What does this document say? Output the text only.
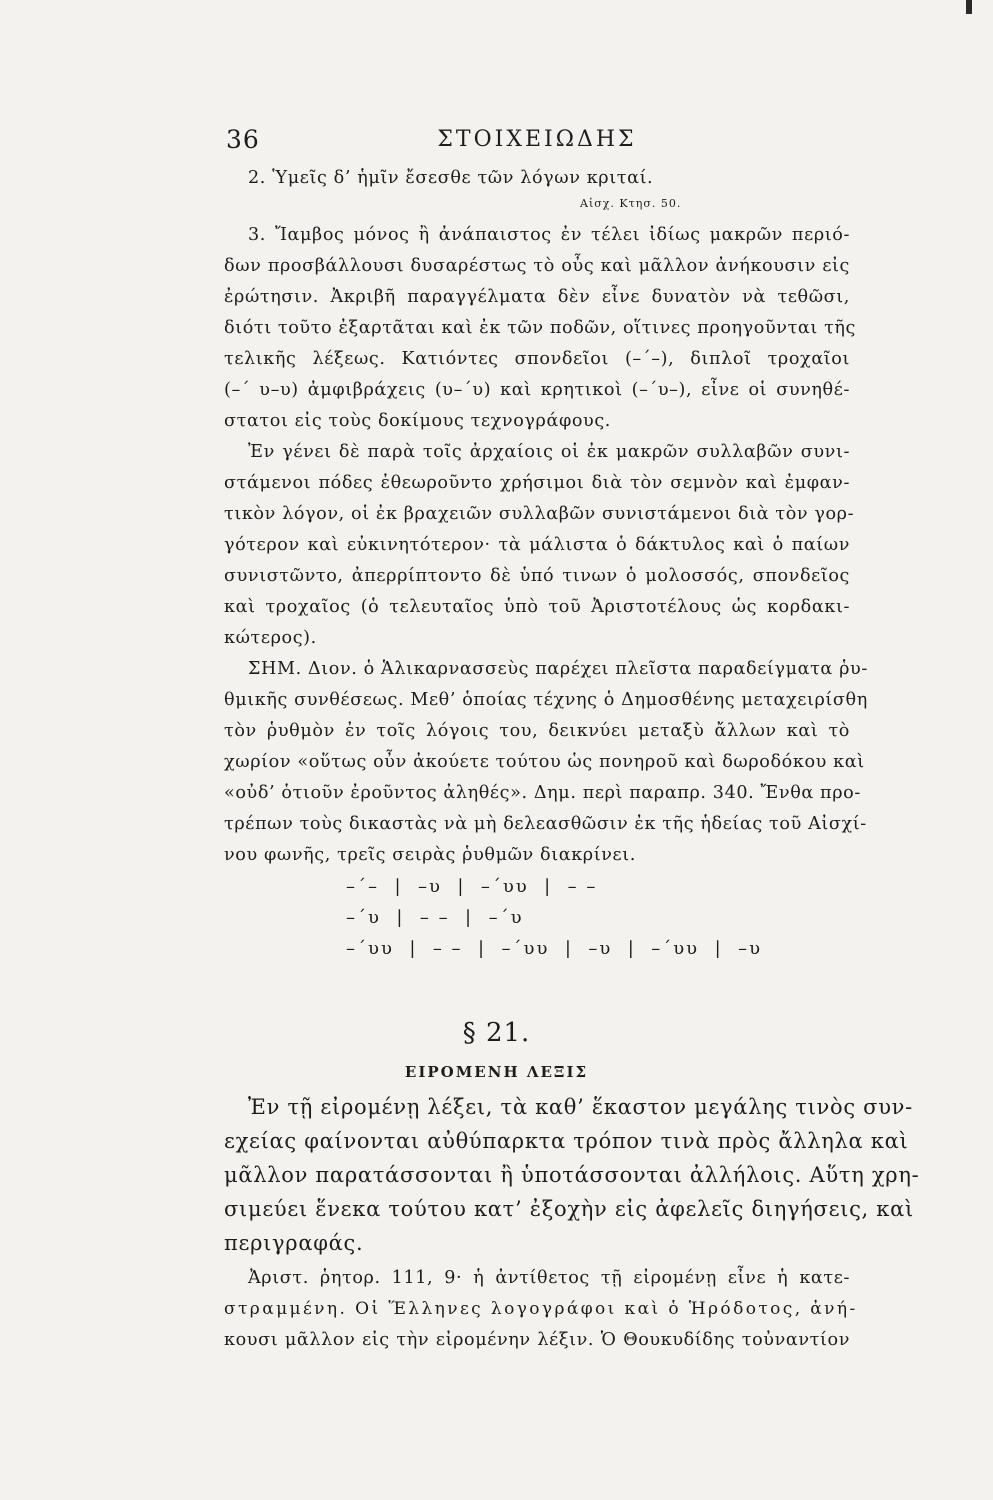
36	ΣΤΟΙΧΕΙΩΔΗΣ
2. Ὑμεῖς δ’ ἡμῖν ἔσεσθε τῶν λόγων κριταί.
Αἰσχ. Κτησ. 50.
3. Ἴαμβος μόνος ἢ ἀνάπαιστος ἐν τέλει ἰδίως μακρῶν περιό-
δων προσβάλλουσι δυσαρέστως τὸ οὖς καὶ μᾶλλον ἀνήκουσιν εἰς
ἐρώτησιν. Ἀκριβῆ παραγγέλματα δὲν εἶνε δυνατὸν νὰ τεθῶσι,
διότι τοῦτο ἐξαρτᾶται καὶ ἐκ τῶν ποδῶν, οἵτινες προηγοῦνται τῆς
τελικῆς λέξεως. Κατιόντες σπονδεῖοι (–΄–), διπλοῖ τροχαῖοι
(–΄ υ–υ) ἀμφιβράχεις (υ–΄υ) καὶ κρητικοὶ (–΄υ–), εἶνε οἱ συνηθέ-
στατοι εἰς τοὺς δοκίμους τεχνογράφους.
Ἐν γένει δὲ παρὰ τοῖς ἀρχαίοις οἱ ἐκ μακρῶν συλλαβῶν συνι-
στάμενοι πόδες ἐθεωροῦντο χρήσιμοι διὰ τὸν σεμνὸν καὶ ἐμφαν-
τικὸν λόγον, οἱ ἐκ βραχειῶν συλλαβῶν συνιστάμενοι διὰ τὸν γορ-
γότερον καὶ εὐκινητότερον· τὰ μάλιστα ὁ δάκτυλος καὶ ὁ παίων
συνιστῶντο, ἀπερρίπτοντο δὲ ὑπό τινων ὁ μολοσσός, σπονδεῖος
καὶ τροχαῖος (ὁ τελευταῖος ὑπὸ τοῦ Ἀριστοτέλους ὡς κορδακι-
κώτερος).
ΣΗΜ. Διον. ὁ Ἁλικαρνασσεὺς παρέχει πλεῖστα παραδείγματα ῥυ-
θμικῆς συνθέσεως. Μεθ’ ὁποίας τέχνης ὁ Δημοσθένης μεταχειρίσθη
τὸν ῥυθμὸν ἐν τοῖς λόγοις του, δεικνύει μεταξὺ ἄλλων καὶ τὸ
χωρίον «οὕτως οὖν ἀκούετε τούτου ὡς πονηροῦ καὶ δωροδόκου καὶ
«οὐδ’ ὁτιοῦν ἐροῦντος ἀληθές». Δημ. περὶ παραπρ. 340. Ἔνθα προ-
τρέπων τοὺς δικαστὰς νὰ μὴ δελεασθῶσιν ἐκ τῆς ἡδείας τοῦ Αἰσχί-
νου φωνῆς, τρεῖς σειρὰς ῥυθμῶν διακρίνει.
–΄–  |  –υ  |  –΄υυ  |  – –
–΄υ  |  – –  |  –΄υ
–΄υυ  |  – –  |  –΄υυ  |  –υ  |  –΄υυ  |  –υ
§ 21.
ΕΙΡΟΜΕΝΗ ΛΕΞΙΣ
Ἐν τῇ εἰρομένῃ λέξει, τὰ καθ’ ἕκαστον μεγάλης τινὸς συν-
εχείας φαίνονται αὐθύπαρκτα τρόπον τινὰ πρὸς ἄλληλα καὶ
μᾶλλον παρατάσσονται ἢ ὑποτάσσονται ἀλλήλοις. Αὕτη χρη-
σιμεύει ἕνεκα τούτου κατ’ ἐξοχὴν εἰς ἀφελεῖς διηγήσεις, καὶ
περιγραφάς.
Ἀριστ. ῥητορ. 111, 9· ἡ ἀντίθετος τῇ εἰρομένῃ εἶνε ἡ κατε-
στραμμένη. Οἱ Ἕλληνες λογογράφοι καὶ ὁ Ἡρόδοτος, ἀνή-
κουσι μᾶλλον εἰς τὴν εἰρομένην λέξιν. Ὁ Θουκυδίδης τοὐναντίον
